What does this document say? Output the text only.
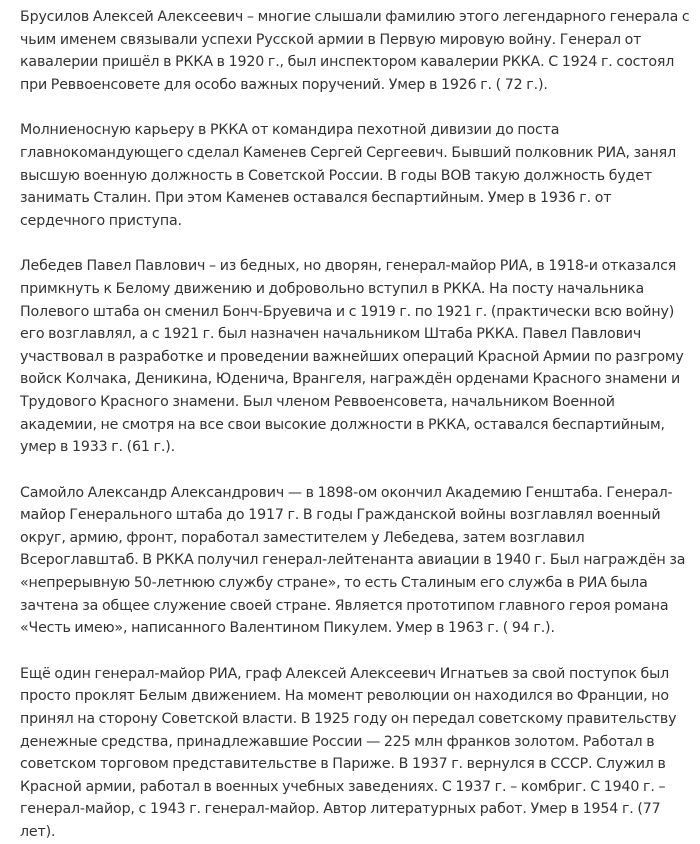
Брусилов Алексей Алексеевич – многие слышали фамилию этого легендарного генерала с чьим именем связывали успехи Русской армии в Первую мировую войну. Генерал от кавалерии пришёл в РККА в 1920 г., был инспектором кавалерии РККА. С 1924 г. состоял при Реввоенсовете для особо важных поручений. Умер в 1926 г. ( 72 г.).

Молниеносную карьеру в РККА от командира пехотной дивизии до поста главнокомандующего сделал Каменев Сергей Сергеевич. Бывший полковник РИА, занял высшую военную должность в Советской России. В годы ВОВ такую должность будет занимать Сталин. При этом Каменев оставался беспартийным. Умер в 1936 г. от сердечного приступа.

Лебедев Павел Павлович – из бедных, но дворян, генерал-майор РИА, в 1918-и отказался примкнуть к Белому движению и добровольно вступил в РККА. На посту начальника Полевого штаба он сменил Бонч-Бруевича и с 1919 г. по 1921 г. (практически всю войну) его возглавлял, а с 1921 г. был назначен начальником Штаба РККА. Павел Павлович участвовал в разработке и проведении важнейших операций Красной Армии по разгрому войск Колчака, Деникина, Юденича, Врангеля, награждён орденами Красного знамени и Трудового Красного знамени. Был членом Реввоенсовета, начальником Военной академии, не смотря на все свои высокие должности в РККА, оставался беспартийным, умер в 1933 г. (61 г.).

Самойло Александр Александрович — в 1898-ом окончил Академию Генштаба. Генерал-майор Генерального штаба до 1917 г. В годы Гражданской войны возглавлял военный округ, армию, фронт, поработал заместителем у Лебедева, затем возглавил Всероглавштаб. В РККА получил генерал-лейтенанта авиации в 1940 г. Был награждён за «непрерывную 50-летнюю службу стране», то есть Сталиным его служба в РИА была зачтена за общее служение своей стране. Является прототипом главного героя романа «Честь имею», написанного Валентином Пикулем. Умер в 1963 г. ( 94 г.).

Ещё один генерал-майор РИА, граф Алексей Алексеевич Игнатьев за свой поступок был просто проклят Белым движением. На момент революции он находился во Франции, но принял на сторону Советской власти. В 1925 году он передал советскому правительству денежные средства, принадлежавшие России — 225 млн франков золотом. Работал в советском торговом представительстве в Париже. В 1937 г. вернулся в СССР. Служил в Красной армии, работал в военных учебных заведениях. С 1937 г. – комбриг. С 1940 г. – генерал-майор, с 1943 г. генерал-майор. Автор литературных работ. Умер в 1954 г. (77 лет).
